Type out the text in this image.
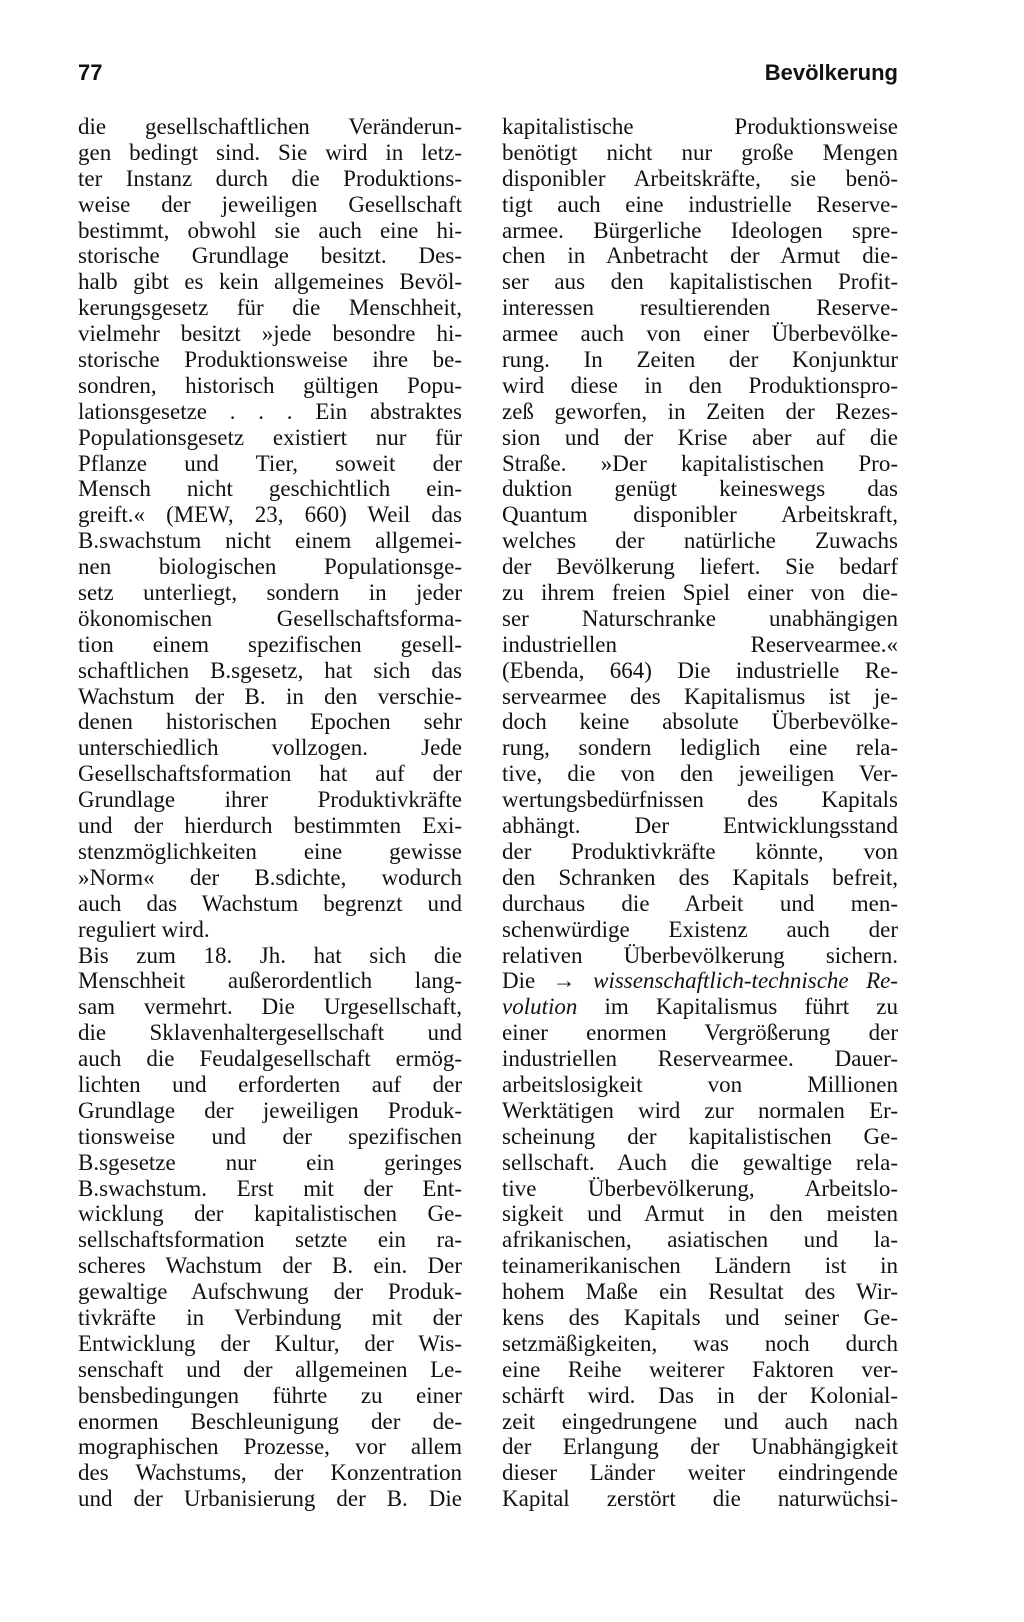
77	Bevölkerung
die gesellschaftlichen Veränderun-
gen bedingt sind. Sie wird in letz-
ter Instanz durch die Produktions-
weise der jeweiligen Gesellschaft
bestimmt, obwohl sie auch eine hi-
storische Grundlage besitzt. Des-
halb gibt es kein allgemeines Bevöl-
kerungsgesetz für die Menschheit,
vielmehr besitzt »jede besondre hi-
storische Produktionsweise ihre be-
sondren, historisch gültigen Popu-
lationsgesetze . . . Ein abstraktes
Populationsgesetz existiert nur für
Pflanze und Tier, soweit der
Mensch nicht geschichtlich ein-
greift.« (MEW, 23, 660) Weil das
B.swachstum nicht einem allgemei-
nen biologischen Populationsge-
setz unterliegt, sondern in jeder
ökonomischen Gesellschaftsforma-
tion einem spezifischen gesell-
schaftlichen B.sgesetz, hat sich das
Wachstum der B. in den verschie-
denen historischen Epochen sehr
unterschiedlich vollzogen. Jede
Gesellschaftsformation hat auf der
Grundlage ihrer Produktivkräfte
und der hierdurch bestimmten Exi-
stenzmöglichkeiten eine gewisse
»Norm« der B.sdichte, wodurch
auch das Wachstum begrenzt und
reguliert wird.
Bis zum 18. Jh. hat sich die
Menschheit außerordentlich lang-
sam vermehrt. Die Urgesellschaft,
die Sklavenhaltergesellschaft und
auch die Feudalgesellschaft ermög-
lichten und erforderten auf der
Grundlage der jeweiligen Produk-
tionsweise und der spezifischen
B.sgesetze nur ein geringes
B.swachstum. Erst mit der Ent-
wicklung der kapitalistischen Ge-
sellschaftsformation setzte ein ra-
scheres Wachstum der B. ein. Der
gewaltige Aufschwung der Produk-
tivkräfte in Verbindung mit der
Entwicklung der Kultur, der Wis-
senschaft und der allgemeinen Le-
bensbedingungen führte zu einer
enormen Beschleunigung der de-
mographischen Prozesse, vor allem
des Wachstums, der Konzentration
und der Urbanisierung der B. Die
kapitalistische Produktionsweise
benötigt nicht nur große Mengen
disponibler Arbeitskräfte, sie benö-
tigt auch eine industrielle Reserve-
armee. Bürgerliche Ideologen spre-
chen in Anbetracht der Armut die-
ser aus den kapitalistischen Profit-
interessen resultierenden Reserve-
armee auch von einer Überbevölke-
rung. In Zeiten der Konjunktur
wird diese in den Produktionspro-
zeß geworfen, in Zeiten der Rezes-
sion und der Krise aber auf die
Straße. »Der kapitalistischen Pro-
duktion genügt keineswegs das
Quantum disponibler Arbeitskraft,
welches der natürliche Zuwachs
der Bevölkerung liefert. Sie bedarf
zu ihrem freien Spiel einer von die-
ser Naturschranke unabhängigen
industriellen Reservearmee.«
(Ebenda, 664) Die industrielle Re-
servearmee des Kapitalismus ist je-
doch keine absolute Überbevölke-
rung, sondern lediglich eine rela-
tive, die von den jeweiligen Ver-
wertungsbedürfnissen des Kapitals
abhängt. Der Entwicklungsstand
der Produktivkräfte könnte, von
den Schranken des Kapitals befreit,
durchaus die Arbeit und men-
schenwürdige Existenz auch der
relativen Überbevölkerung sichern.
Die → wissenschaftlich-technische Re-
volution im Kapitalismus führt zu
einer enormen Vergrößerung der
industriellen Reservearmee. Dauer-
arbeitslosigkeit von Millionen
Werktätigen wird zur normalen Er-
scheinung der kapitalistischen Ge-
sellschaft. Auch die gewaltige rela-
tive Überbevölkerung, Arbeitslo-
sigkeit und Armut in den meisten
afrikanischen, asiatischen und la-
teinamerikanischen Ländern ist in
hohem Maße ein Resultat des Wir-
kens des Kapitals und seiner Ge-
setzmäßigkeiten, was noch durch
eine Reihe weiterer Faktoren ver-
schärft wird. Das in der Kolonial-
zeit eingedrungene und auch nach
der Erlangung der Unabhängigkeit
dieser Länder weiter eindringende
Kapital zerstört die naturwüchsi-
